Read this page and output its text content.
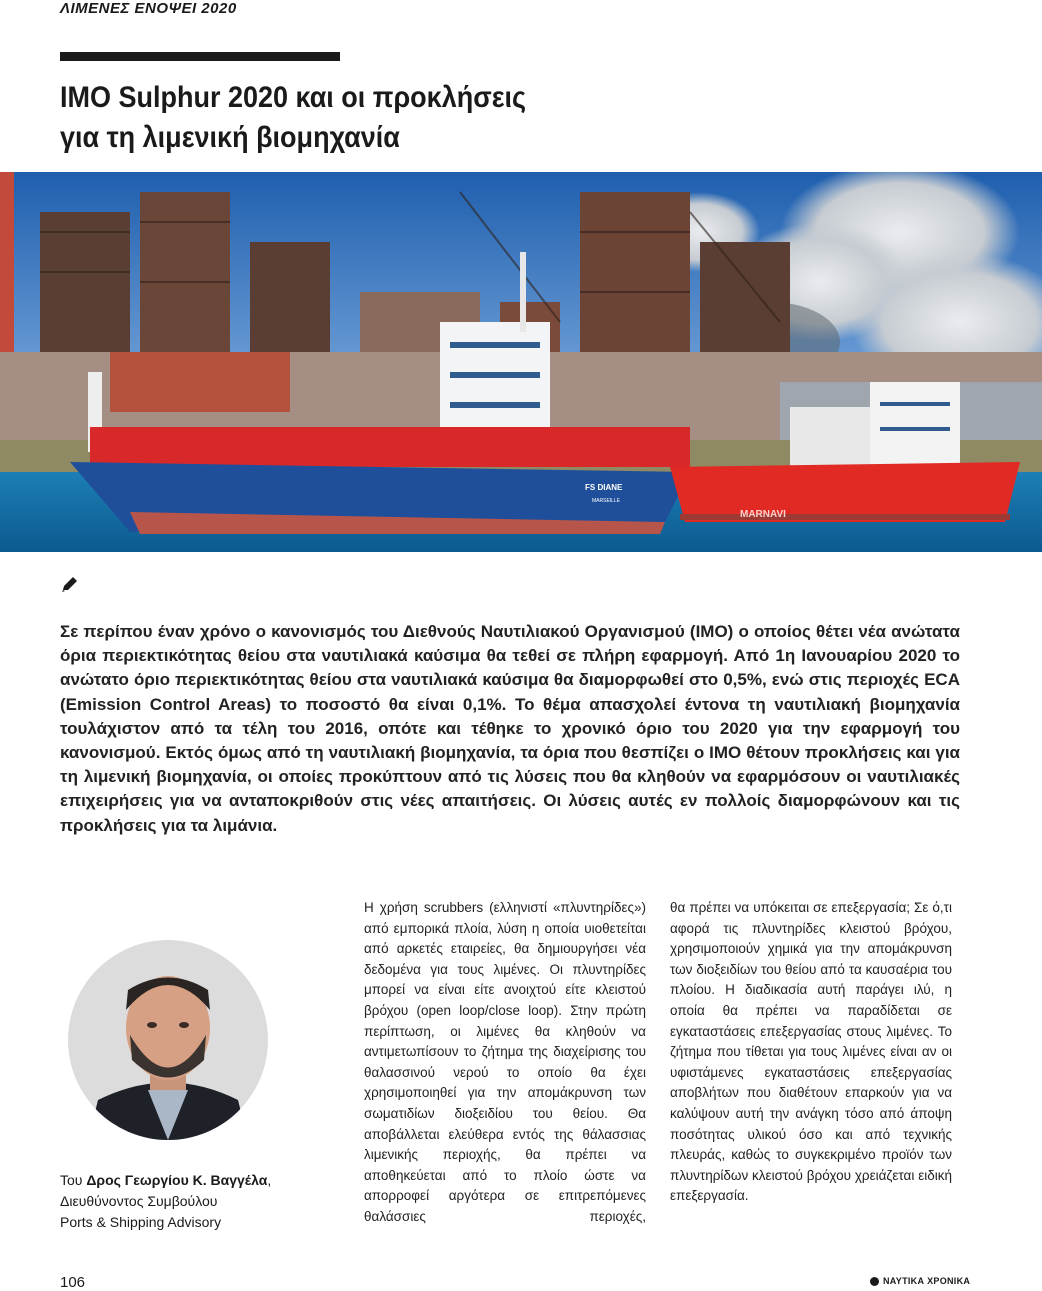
ΛΙΜΕΝΕΣ ΕΝΟΨΕΙ 2020

IMO Sulphur 2020 και οι προκλήσεις
για τη λιμενική βιομηχανία
FS DIANE
MARSEILLE
MARNAVI

Σε περίπου έναν χρόνο ο κανονισμός του Διεθνούς Ναυτιλιακού Οργανισμού (IMO) ο οποίος θέτει νέα ανώτατα όρια περιεκτικότητας θείου στα ναυτιλιακά καύσιμα θα τεθεί σε πλήρη εφαρμογή. Από 1η Ιανουαρίου 2020 το ανώτατο όριο περιεκτικότητας θείου στα ναυτιλιακά καύσιμα θα διαμορφωθεί στο 0,5%, ενώ στις περιοχές ECA (Emission Control Areas) το ποσοστό θα είναι 0,1%. Το θέμα απασχολεί έντονα τη ναυτιλιακή βιομηχανία τουλάχιστον από τα τέλη του 2016, οπότε και τέθηκε το χρονικό όριο του 2020 για την εφαρμογή του κανονισμού. Εκτός όμως από τη ναυτιλιακή βιομηχανία, τα όρια που θεσπίζει ο ΙΜΟ θέτουν προκλήσεις και για τη λιμενική βιομηχανία, οι οποίες προκύπτουν από τις λύσεις που θα κληθούν να εφαρμόσουν οι ναυτιλιακές επιχειρήσεις για να ανταποκριθούν στις νέες απαιτήσεις. Οι λύσεις αυτές εν πολλοίς διαμορφώνουν και τις προκλήσεις για τα λιμάνια.

Του Δρος Γεωργίου Κ. Βαγγέλα,
Διευθύνοντος Συμβούλου
Ports & Shipping Advisory

Η χρήση scrubbers (ελληνιστί «πλυντηρίδες») από εμπορικά πλοία, λύση η οποία υιοθετείται από αρκετές εταιρείες, θα δημιουργήσει νέα δεδομένα για τους λιμένες. Οι πλυντηρίδες μπορεί να είναι είτε ανοιχτού είτε κλειστού βρόχου (open loop/close loop). Στην πρώτη περίπτωση, οι λιμένες θα κληθούν να αντιμετωπίσουν το ζήτημα της διαχείρισης του θαλασσινού νερού το οποίο θα έχει χρησιμοποιηθεί για την απομάκρυνση των σωματιδίων διοξειδίου του θείου. Θα αποβάλλεται ελεύθερα εντός της θάλασσιας λιμενικής περιοχής, θα πρέπει να αποθηκεύεται από το πλοίο ώστε να απορροφεί αργότερα σε επιτρεπόμενες θαλάσσιες περιοχές,

θα πρέπει να υπόκειται σε επεξεργασία; Σε ό,τι αφορά τις πλυντηρίδες κλειστού βρόχου, χρησιμοποιούν χημικά για την απομάκρυνση των διοξειδίων του θείου από τα καυσαέρια του πλοίου. Η διαδικασία αυτή παράγει ιλύ, η οποία θα πρέπει να παραδίδεται σε εγκαταστάσεις επεξεργασίας στους λιμένες. Το ζήτημα που τίθεται για τους λιμένες είναι αν οι υφιστάμενες εγκαταστάσεις επεξεργασίας αποβλήτων που διαθέτουν επαρκούν για να καλύψουν αυτή την ανάγκη τόσο από άποψη ποσότητας υλικού όσο και από τεχνικής πλευράς, καθώς το συγκεκριμένο προϊόν των πλυντηρίδων κλειστού βρόχου χρειάζεται ειδική επεξεργασία.

106	ΝΑΥΤΙΚΑ ΧΡΟΝΙΚΑ
